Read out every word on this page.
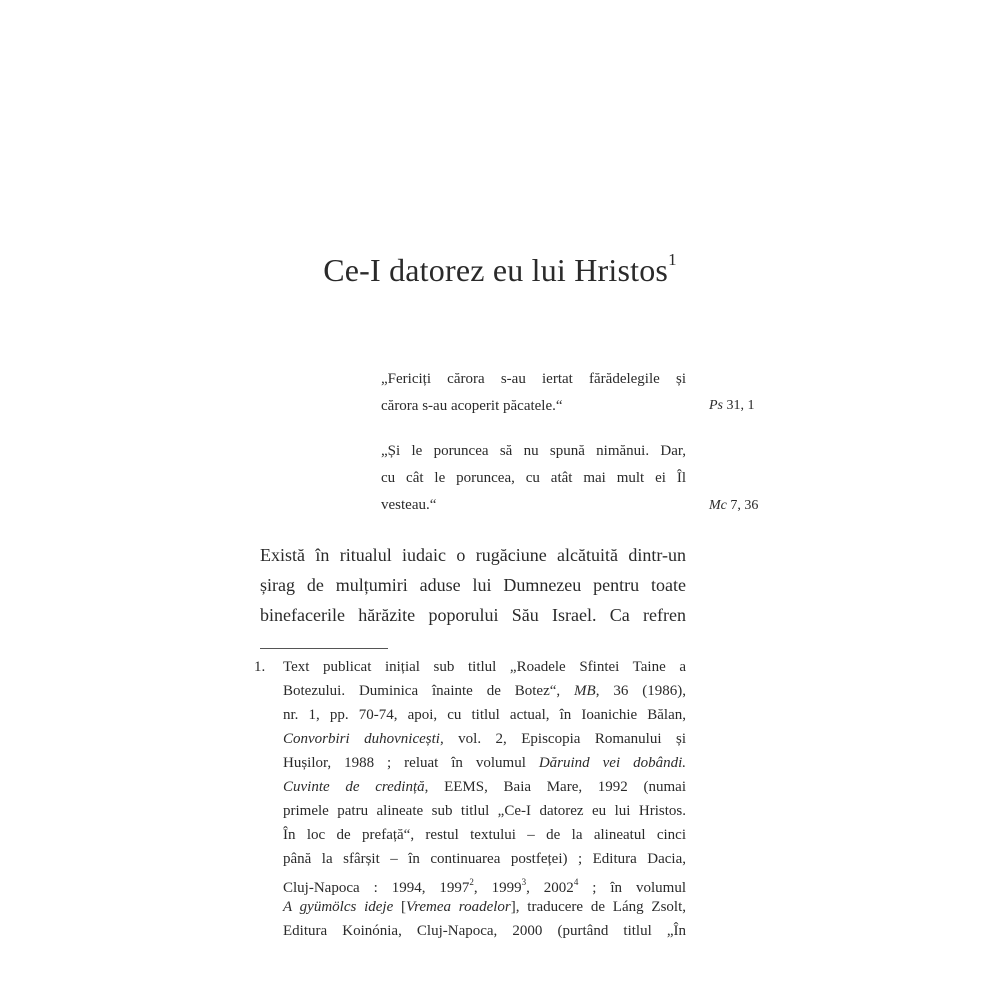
Ce-I datorez eu lui Hristos$^1$
„Fericiți cărora s-au iertat fărădelegile și
cărora s-au acoperit păcatele.“	Ps 31, 1
„Și le poruncea să nu spună nimănui. Dar,
cu cât le poruncea, cu atât mai mult ei Îl
vesteau.“	Mc 7, 36
Există în ritualul iudaic o rugăciune alcătuită dintr-un
șirag de mulțumiri aduse lui Dumnezeu pentru toate
binefacerile hărăzite poporului Său Israel. Ca refren
1. Text publicat inițial sub titlul „Roadele Sfintei Taine a
Botezului. Duminica înainte de Botez“, MB, 36 (1986),
nr. 1, pp. 70-74, apoi, cu titlul actual, în Ioanichie Bălan,
Convorbiri duhovnicești, vol. 2, Episcopia Romanului și
Hușilor, 1988 ; reluat în volumul Dăruind vei dobândi.
Cuvinte de credință, EEMS, Baia Mare, 1992 (numai
primele patru alineate sub titlul „Ce-I datorez eu lui Hristos.
În loc de prefață“, restul textului – de la alineatul cinci
până la sfârșit – în continuarea postfeței) ; Editura Dacia,
Cluj-Napoca : 1994, 1997$^2$, 1999$^3$, 2002$^4$ ; în volumul
A gyümölcs ideje [Vremea roadelor], traducere de Láng Zsolt,
Editura Koinónia, Cluj-Napoca, 2000 (purtând titlul „În
